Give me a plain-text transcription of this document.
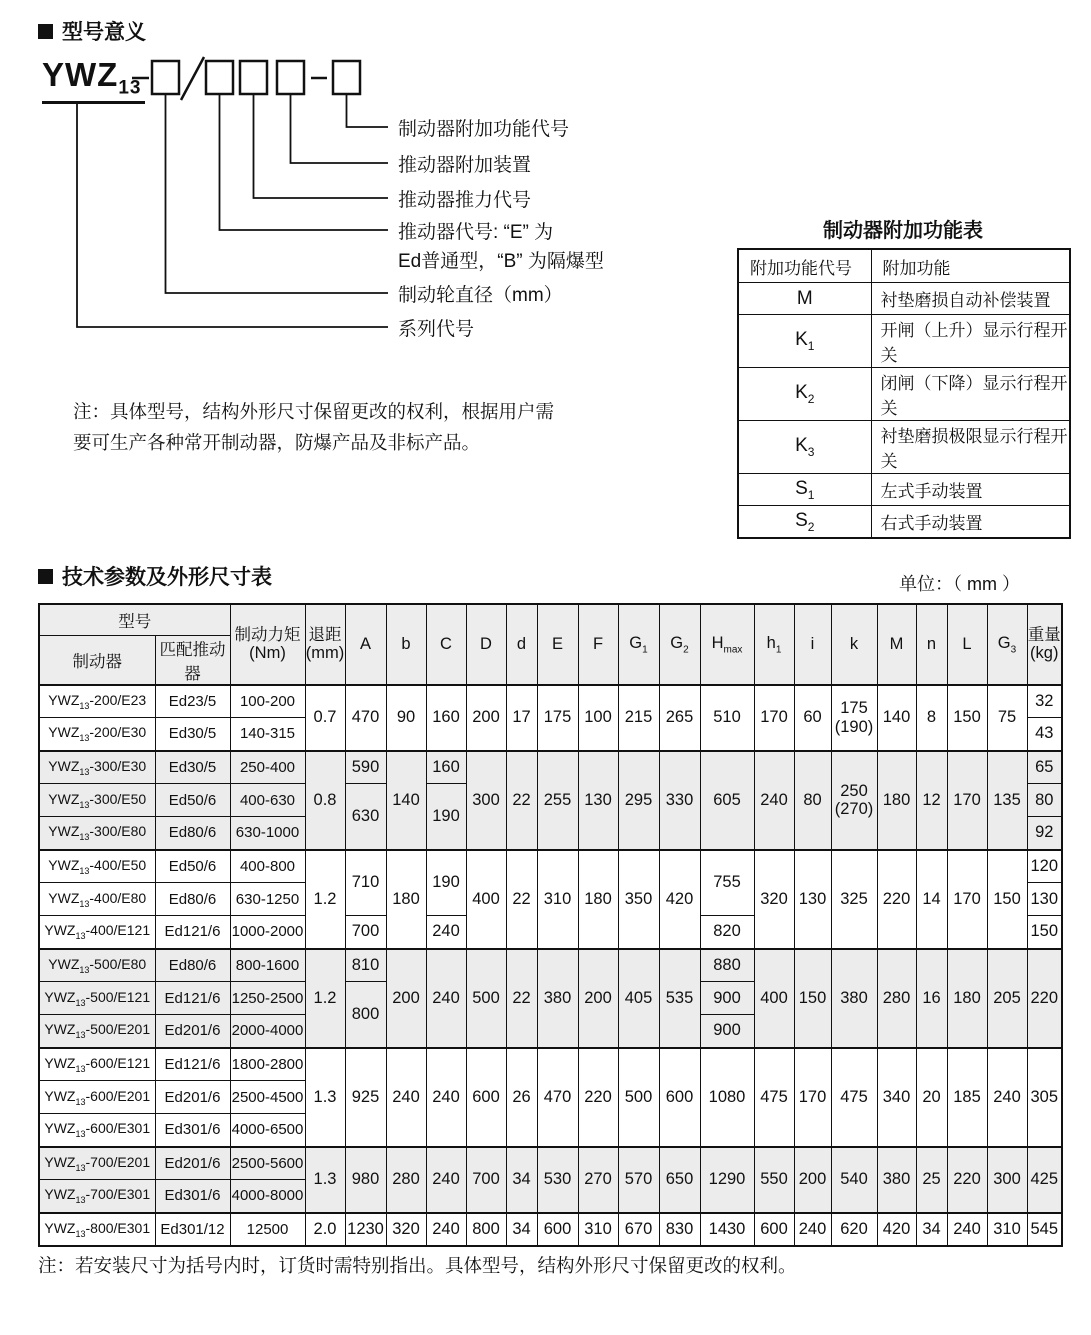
型号意义
$YWZ_{13}$
制动器附加功能代号
推动器附加装置
推动器推力代号
推动器代号: “E” 为
Ed普通型，“B” 为隔爆型
制动轮直径（mm）
系列代号
注：具体型号，结构外形尺寸保留更改的权利，根据用户需要可生产各种常开制动器，防爆产品及非标产品。
制动器附加功能表
附加功能代号	附加功能
M	衬垫磨损自动补偿装置
$K_1$	开闸（上升）显示行程开关
$K_2$	闭闸（下降）显示行程开关
$K_3$	衬垫磨损极限显示行程开关
$S_1$	左式手动装置
$S_2$	右式手动装置
技术参数及外形尺寸表	单位：（ mm ）
型号		制动力矩
(Nm)	退距
(mm)	A	b	C	D	d	E	F	$G_1$	$G_2$	$H_{max}$	$h_1$	i	k	M	n	L	$G_3$	重量
(kg)
制动器	匹配推动器																				
$YWZ_{13}-200/E23$	Ed23/5	100-200	0.7	470	90	160	200	17	175	100	215	265	510	170	60	175
(190)	140	8	150	75	32
$YWZ_{13}-200/E30$	Ed30/5	140-315																			43
$YWZ_{13}-300/E30$	Ed30/5	250-400	0.8	590	140	160	300	22	255	130	295	330	605	240	80	250
(270)	180	12	170	135	65
$YWZ_{13}-300/E50$	Ed50/6	400-630		630		190															80
$YWZ_{13}-300/E80$	Ed80/6	630-1000																			92
$YWZ_{13}-400/E50$	Ed50/6	400-800	1.2	710	180	190	400	22	310	180	350	420	755	320	130	325	220	14	170	150	120
$YWZ_{13}-400/E80$	Ed80/6	630-1250																			130
$YWZ_{13}-400/E121$	Ed121/6	1000-2000		700		240							820								150
$YWZ_{13}-500/E80$	Ed80/6	800-1600	1.2	810	200	240	500	22	380	200	405	535	880	400	150	380	280	16	180	205	220
$YWZ_{13}-500/E121$	Ed121/6	1250-2500		800									900								
$YWZ_{13}-500/E201$	Ed201/6	2000-4000											900								
$YWZ_{13}-600/E121$	Ed121/6	1800-2800	1.3	925	240	240	600	26	470	220	500	600	1080	475	170	475	340	20	185	240	305
$YWZ_{13}-600/E201$	Ed201/6	2500-4500																			
$YWZ_{13}-600/E301$	Ed301/6	4000-6500																			
$YWZ_{13}-700/E201$	Ed201/6	2500-5600	1.3	980	280	240	700	34	530	270	570	650	1290	550	200	540	380	25	220	300	425
$YWZ_{13}-700/E301$	Ed301/6	4000-8000																			
$YWZ_{13}-800/E301$	Ed301/12	12500	2.0	1230	320	240	800	34	600	310	670	830	1430	600	240	620	420	34	240	310	545
注：若安装尺寸为括号内时，订货时需特别指出。具体型号，结构外形尺寸保留更改的权利。
